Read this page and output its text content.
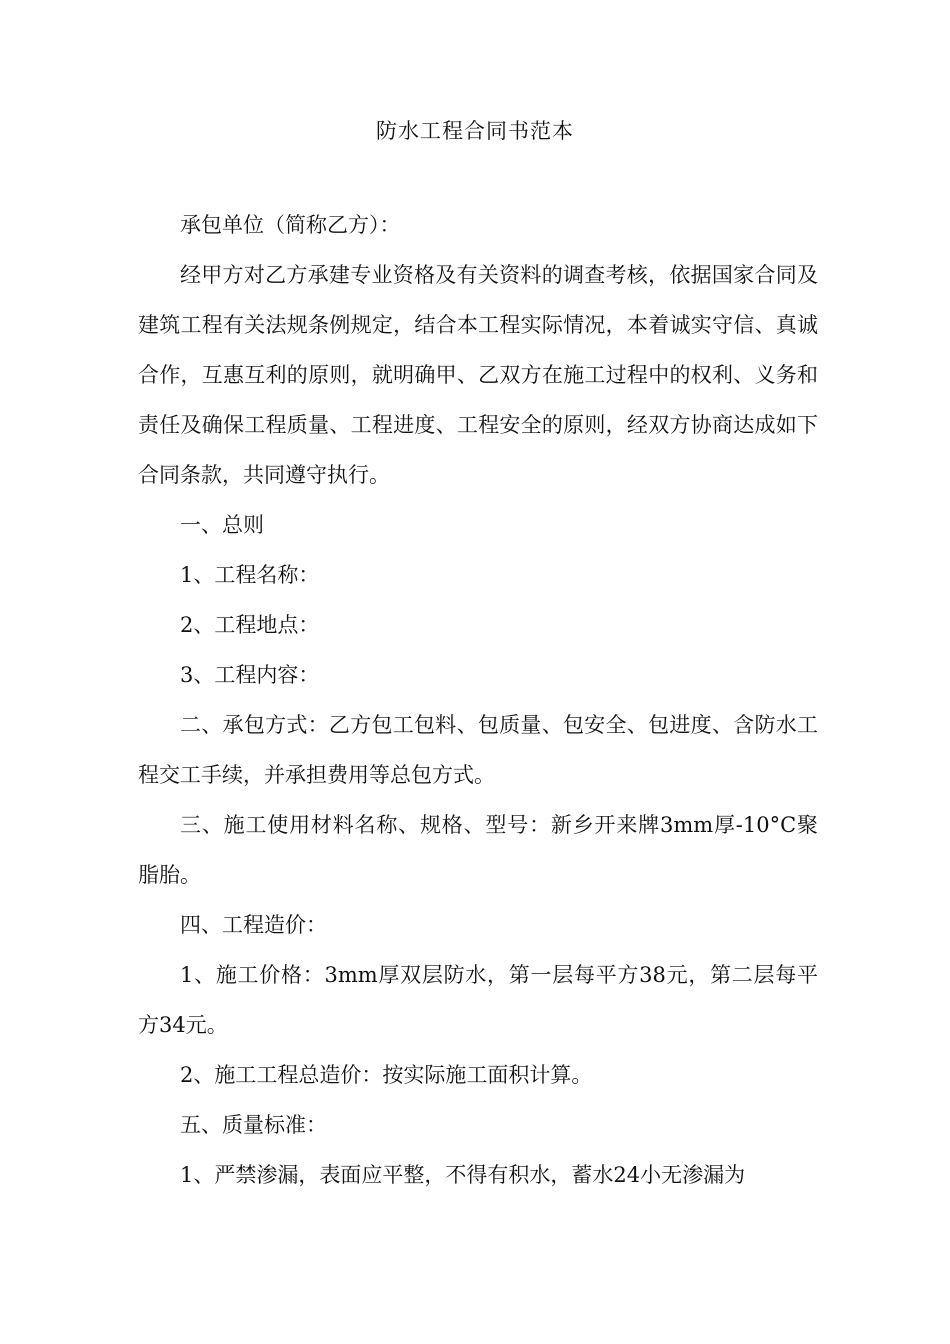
防水工程合同书范本

承包单位（简称乙方）：

经甲方对乙方承建专业资格及有关资料的调查考核，依据国家合同及建筑工程有关法规条例规定，结合本工程实际情况，本着诚实守信、真诚合作，互惠互利的原则，就明确甲、乙双方在施工过程中的权利、义务和责任及确保工程质量、工程进度、工程安全的原则，经双方协商达成如下合同条款，共同遵守执行。

一、总则

1、工程名称：

2、工程地点：

3、工程内容：

二、承包方式：乙方包工包料、包质量、包安全、包进度、含防水工程交工手续，并承担费用等总包方式。

三、施工使用材料名称、规格、型号：新乡开来牌3mm厚-10°C聚脂胎。

四、工程造价：

1、施工价格：3mm厚双层防水，第一层每平方38元，第二层每平方34元。

2、施工工程总造价：按实际施工面积计算。

五、质量标准：

1、严禁渗漏，表面应平整，不得有积水，蓄水24小无渗漏为
